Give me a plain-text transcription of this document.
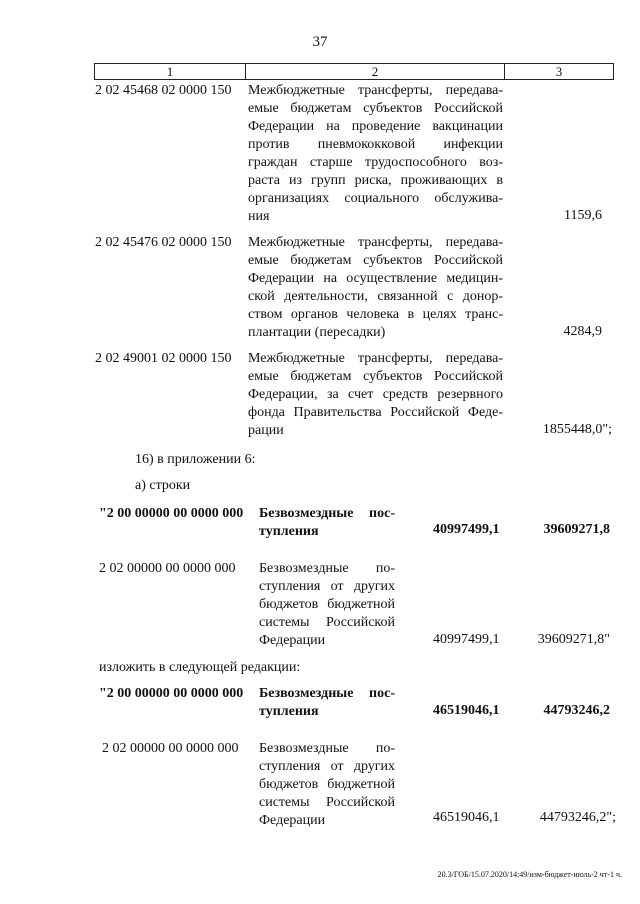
37
1	2	3
2 02 45468 02 0000 150 Межбюджетные трансферты, передава-
емые бюджетам субъектов Российской
Федерации на проведение вакцинации
против пневмококковой инфекции
граждан старше трудоспособного воз-
раста из групп риска, проживающих в
организациях социального обслужива-
ния	1159,6
2 02 45476 02 0000 150 Межбюджетные трансферты, передава-
емые бюджетам субъектов Российской
Федерации на осуществление медицин-
ской деятельности, связанной с донор-
ством органов человека в целях транс-
плантации (пересадки)	4284,9
2 02 49001 02 0000 150 Межбюджетные трансферты, передава-
емые бюджетам субъектов Российской
Федерации, за счет средств резервного
фонда Правительства Российской Феде-
рации	1855448,0";
16) в приложении 6:
а) строки
"2 00 00000 00 0000 000 Безвозмездные пос-
тупления	40997499,1	39609271,8
2 02 00000 00 0000 000 Безвозмездные по-
ступления от других
бюджетов бюджетной
системы Российской
Федерации	40997499,1	39609271,8"
изложить в следующей редакции:
"2 00 00000 00 0000 000 Безвозмездные пос-
тупления	46519046,1	44793246,2
2 02 00000 00 0000 000 Безвозмездные по-
ступления от других
бюджетов бюджетной
системы Российской
Федерации	46519046,1	44793246,2";
20.3/ГОБ/15.07.2020/14:49/изм-бюджет-июль-2 чт-1 ч.
